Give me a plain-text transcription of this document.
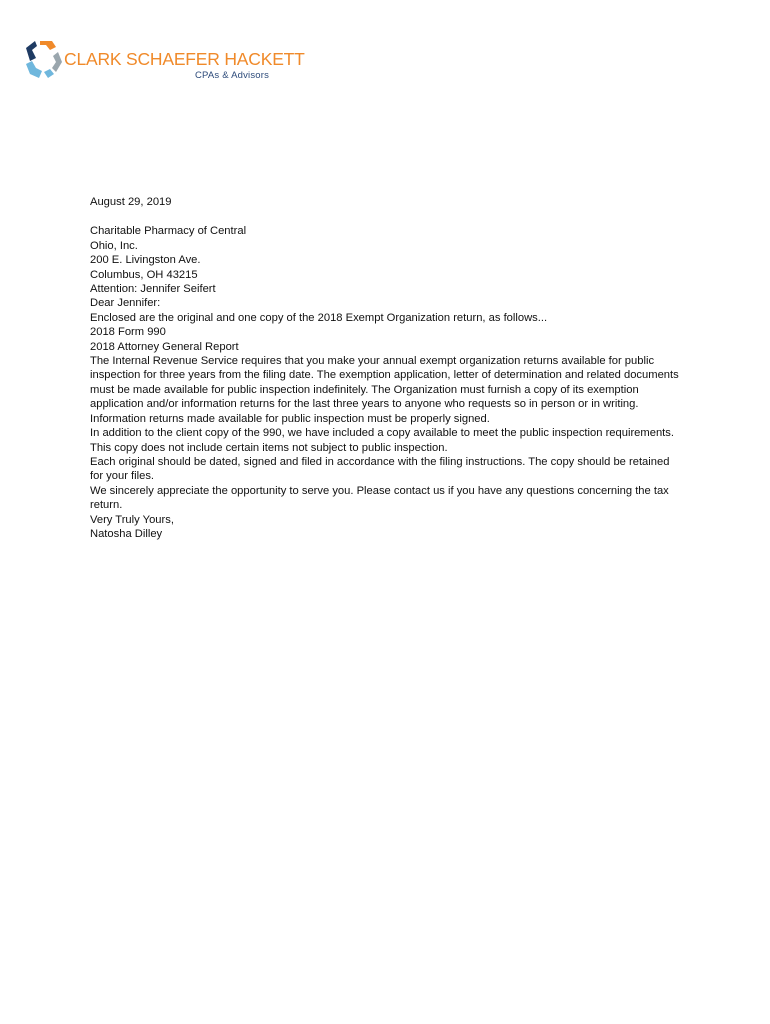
CLARK SCHAEFER HACKETT
CPAs & Advisors

August 29, 2019

Charitable Pharmacy of Central
Ohio, Inc.
200 E. Livingston Ave.
Columbus, OH 43215
Attention: Jennifer Seifert

Dear Jennifer:

Enclosed are the original and one copy of the 2018 Exempt Organization return, as follows...

2018 Form 990

2018 Attorney General Report

The Internal Revenue Service requires that you make your annual exempt organization returns available for public inspection for three years from the filing date. The exemption application, letter of determination and related documents must be made available for public inspection indefinitely. The Organization must furnish a copy of its exemption application and/or information returns for the last three years to anyone who requests so in person or in writing. Information returns made available for public inspection must be properly signed.

In addition to the client copy of the 990, we have included a copy available to meet the public inspection requirements. This copy does not include certain items not subject to public inspection.

Each original should be dated, signed and filed in accordance with the filing instructions. The copy should be retained for your files.

We sincerely appreciate the opportunity to serve you. Please contact us if you have any questions concerning the tax return.

Very Truly Yours,

Natosha Dilley
